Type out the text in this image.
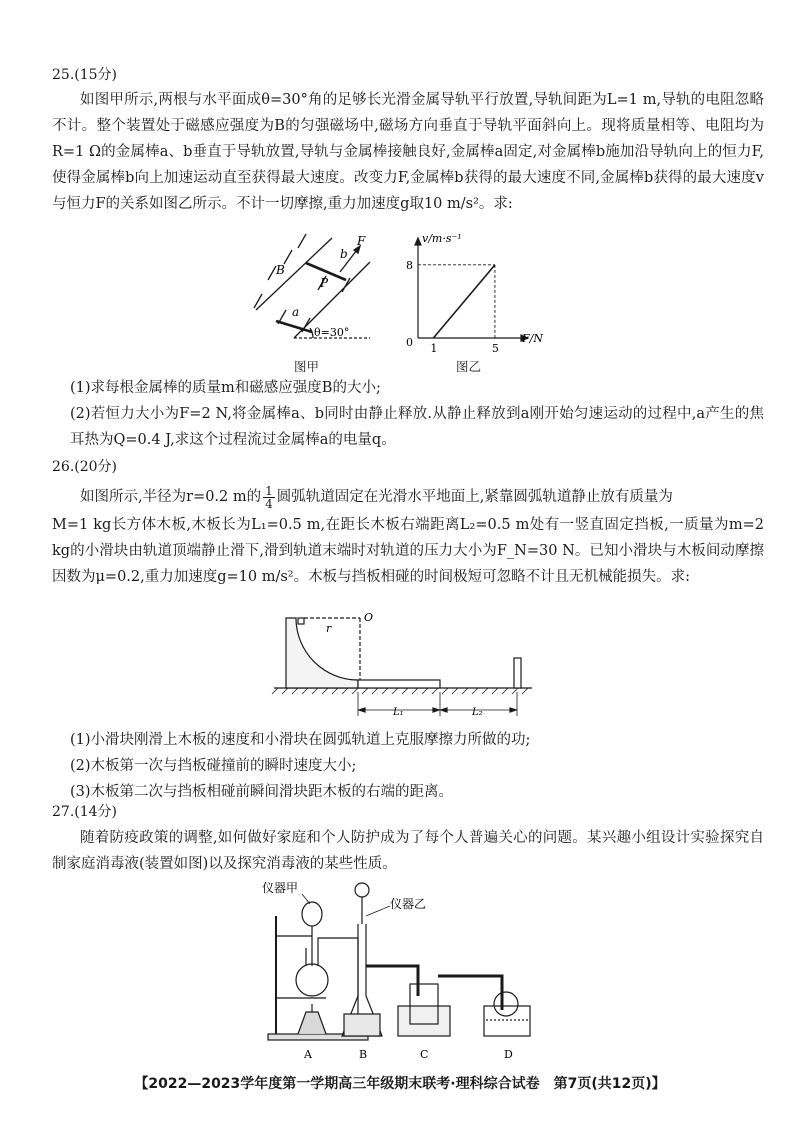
25.(15分)

如图甲所示,两根与水平面成θ=30°角的足够长光滑金属导轨平行放置,导轨间距为L=1 m,导轨的电阻忽略不计。整个装置处于磁感应强度为B的匀强磁场中,磁场方向垂直于导轨平面斜向上。现将质量相等、电阻均为R=1 Ω的金属棒a、b垂直于导轨放置,导轨与金属棒接触良好,金属棒a固定,对金属棒b施加沿导轨向上的恒力F,使得金属棒b向上加速运动直至获得最大速度。改变力F,金属棒b获得的最大速度不同,金属棒b获得的最大速度v与恒力F的关系如图乙所示。不计一切摩擦,重力加速度g取10 m/s²。求:

B
F
b
P
a
θ=30°
图甲
v/m·s⁻¹
F/N
0
8
1	5
图乙

(1)求每根金属棒的质量m和磁感应强度B的大小;

(2)若恒力大小为F=2 N,将金属棒a、b同时由静止释放.从静止释放到a刚开始匀速运动的过程中,a产生的焦耳热为Q=0.4 J,求这个过程流过金属棒a的电量q。

26.(20分)
如图所示,半径为r=0.2 m的 $\frac{1}{4}$ 圆弧轨道固定在光滑水平地面上,紧靠圆弧轨道静止放有质量为

M=1 kg长方体木板,木板长为L₁=0.5 m,在距长木板右端距离L₂=0.5 m处有一竖直固定挡板,一质量为m=2 kg的小滑块由轨道顶端静止滑下,滑到轨道末端时对轨道的压力大小为F_N=30 N。已知小滑块与木板间动摩擦因数为μ=0.2,重力加速度g=10 m/s²。木板与挡板相碰的时间极短可忽略不计且无机械能损失。求:

r
O
L₁	L₂

(1)小滑块刚滑上木板的速度和小滑块在圆弧轨道上克服摩擦力所做的功;

(2)木板第一次与挡板碰撞前的瞬时速度大小;

(3)木板第二次与挡板相碰前瞬间滑块距木板的右端的距离。

27.(14分)

随着防疫政策的调整,如何做好家庭和个人防护成为了每个人普遍关心的问题。某兴趣小组设计实验探究自制家庭消毒液(装置如图)以及探究消毒液的某些性质。

仪器甲
仪器乙
A	B	C	D
【2022—2023学年度第一学期高三年级期末联考·理科综合试卷　第7页(共12页)】
